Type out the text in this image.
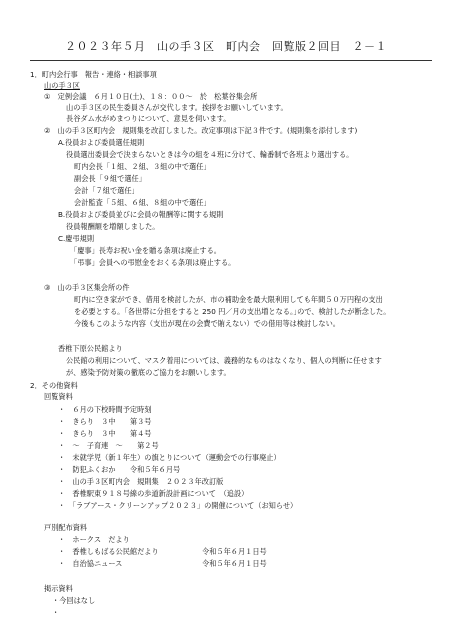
２０２３年５月　山の手３区　町内会　回覧版２回目　２－１
1．町内会行事　報告・連絡・相談事項
山の手３区
①　定例会議　６月１０日(土)、１８：００～　於　松葉谷集会所
山の手３区の民生委員さんが交代します。挨拶をお願いしています。
長谷ダム水がめまつりについて、意見を伺います。
②　山の手３区町内会　規則集を改訂しました。改定事項は下記３件です。(規則集を添付します)
A.役員および委員選任規則
役員選出委員会で決まらないときは今の組を４班に分けて、輪番制で各班より選出する。
町内会長「１組、２組、３組の中で選任」
副会長「９組で選任」
会計「７組で選任」
会計監査「５組、６組、８組の中で選任」
B.役員および委員並びに会員の報酬等に関する規則
役員報酬額を増額しました。
C.慶弔規則
「慶事」長寿お祝い金を贈る条項は廃止する。
「弔事」会員への弔慰金をおくる条項は廃止する。
③　山の手３区集会所の件
町内に空き家ができ、借用を検討したが、市の補助金を最大限利用しても年間５０万円程の支出
を必要とする。｢各世帯に分担をすると 250 円／月の支出増となる。｣ので、検討したが断念した。
今後もこのような内容（支出が現在の会費で賄えない）での借用等は検討しない。
香椎下原公民館より
公民館の利用について、マスク着用については、義務的なものはなくなり、個人の判断に任せます
が、感染予防対策の徹底のご協力をお願いします。
2．その他資料
回覧資料
・　６月の下校時間予定時刻
・　きらり　３中　　第３号
・　きらり　３中　　第４号
・　～　子育連　～　　第２号
・　未就学児（新１年生）の旗とりについて（運動会での行事廃止）
・　防犯ふくおか　　令和５年６月号
・　山の手３区町内会　規則集　２０２３年改訂版
・　香椎駅東９１８号線の歩道新設計画について　（追設）
・　「ラブアース・クリーンアップ２０２３」の開催について（お知らせ）
戸別配布資料
・　ホークス　だより
・　香椎しもばる公民館だより	令和５年６月１日号
・　自治協ニュース	令和５年６月１日号
掲示資料
・今回はなし
・
